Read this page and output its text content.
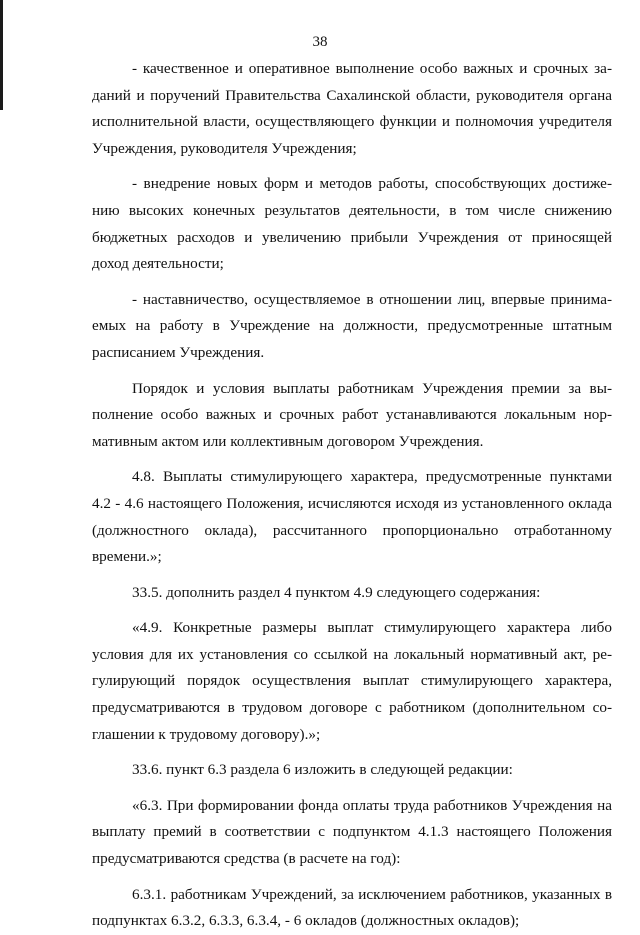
38

- качественное и оперативное выполнение особо важных и срочных заданий и поручений Правительства Сахалинской области, руководителя органа исполнительной власти, осуществляющего функции и полномочия учредителя Учреждения, руководителя Учреждения;

- внедрение новых форм и методов работы, способствующих достижению высоких конечных результатов деятельности, в том числе снижению бюджетных расходов и увеличению прибыли Учреждения от приносящей доход деятельности;

- наставничество, осуществляемое в отношении лиц, впервые принимаемых на работу в Учреждение на должности, предусмотренные штатным расписанием Учреждения.

Порядок и условия выплаты работникам Учреждения премии за выполнение особо важных и срочных работ устанавливаются локальным нормативным актом или коллективным договором Учреждения.

4.8. Выплаты стимулирующего характера, предусмотренные пунктами 4.2 - 4.6 настоящего Положения, исчисляются исходя из установленного оклада (должностного оклада), рассчитанного пропорционально отработанному времени.»;

33.5. дополнить раздел 4 пунктом 4.9 следующего содержания:

«4.9. Конкретные размеры выплат стимулирующего характера либо условия для их установления со ссылкой на локальный нормативный акт, регулирующий порядок осуществления выплат стимулирующего характера, предусматриваются в трудовом договоре с работником (дополнительном соглашении к трудовому договору).»;

33.6. пункт 6.3 раздела 6 изложить в следующей редакции:

«6.3. При формировании фонда оплаты труда работников Учреждения на выплату премий в соответствии с подпунктом 4.1.3 настоящего Положения предусматриваются средства (в расчете на год):

6.3.1. работникам Учреждений, за исключением работников, указанных в подпунктах 6.3.2, 6.3.3, 6.3.4, - 6 окладов (должностных окладов);
